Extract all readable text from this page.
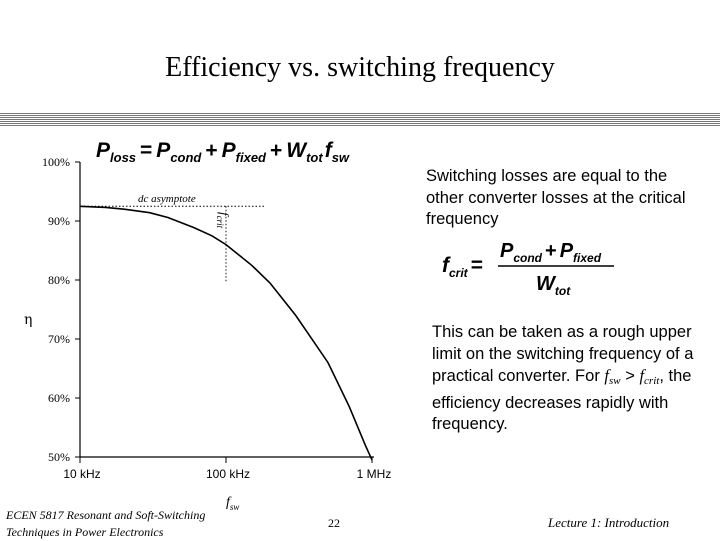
Efficiency vs. switching frequency
$P_{loss} = P_{cond} + P_{fixed} + W_{tot}f_{sw}$
100%
90%
80%
70%
60%
50%
10 kHz	100 kHz	1 MHz
η
$f_{sw}$
dc asymptote
$f_{crit}$
Switching losses are equal to the other converter losses at the critical frequency
$f_{crit}$ =
$P_{cond} + P_{fixed}$
$W_{tot}$
This can be taken as a rough upper limit on the switching frequency of a practical converter. For fsw > fcrit, the efficiency decreases rapidly with frequency.
ECEN 5817 Resonant and Soft-Switching
Techniques in Power Electronics
22	Lecture 1: Introduction
